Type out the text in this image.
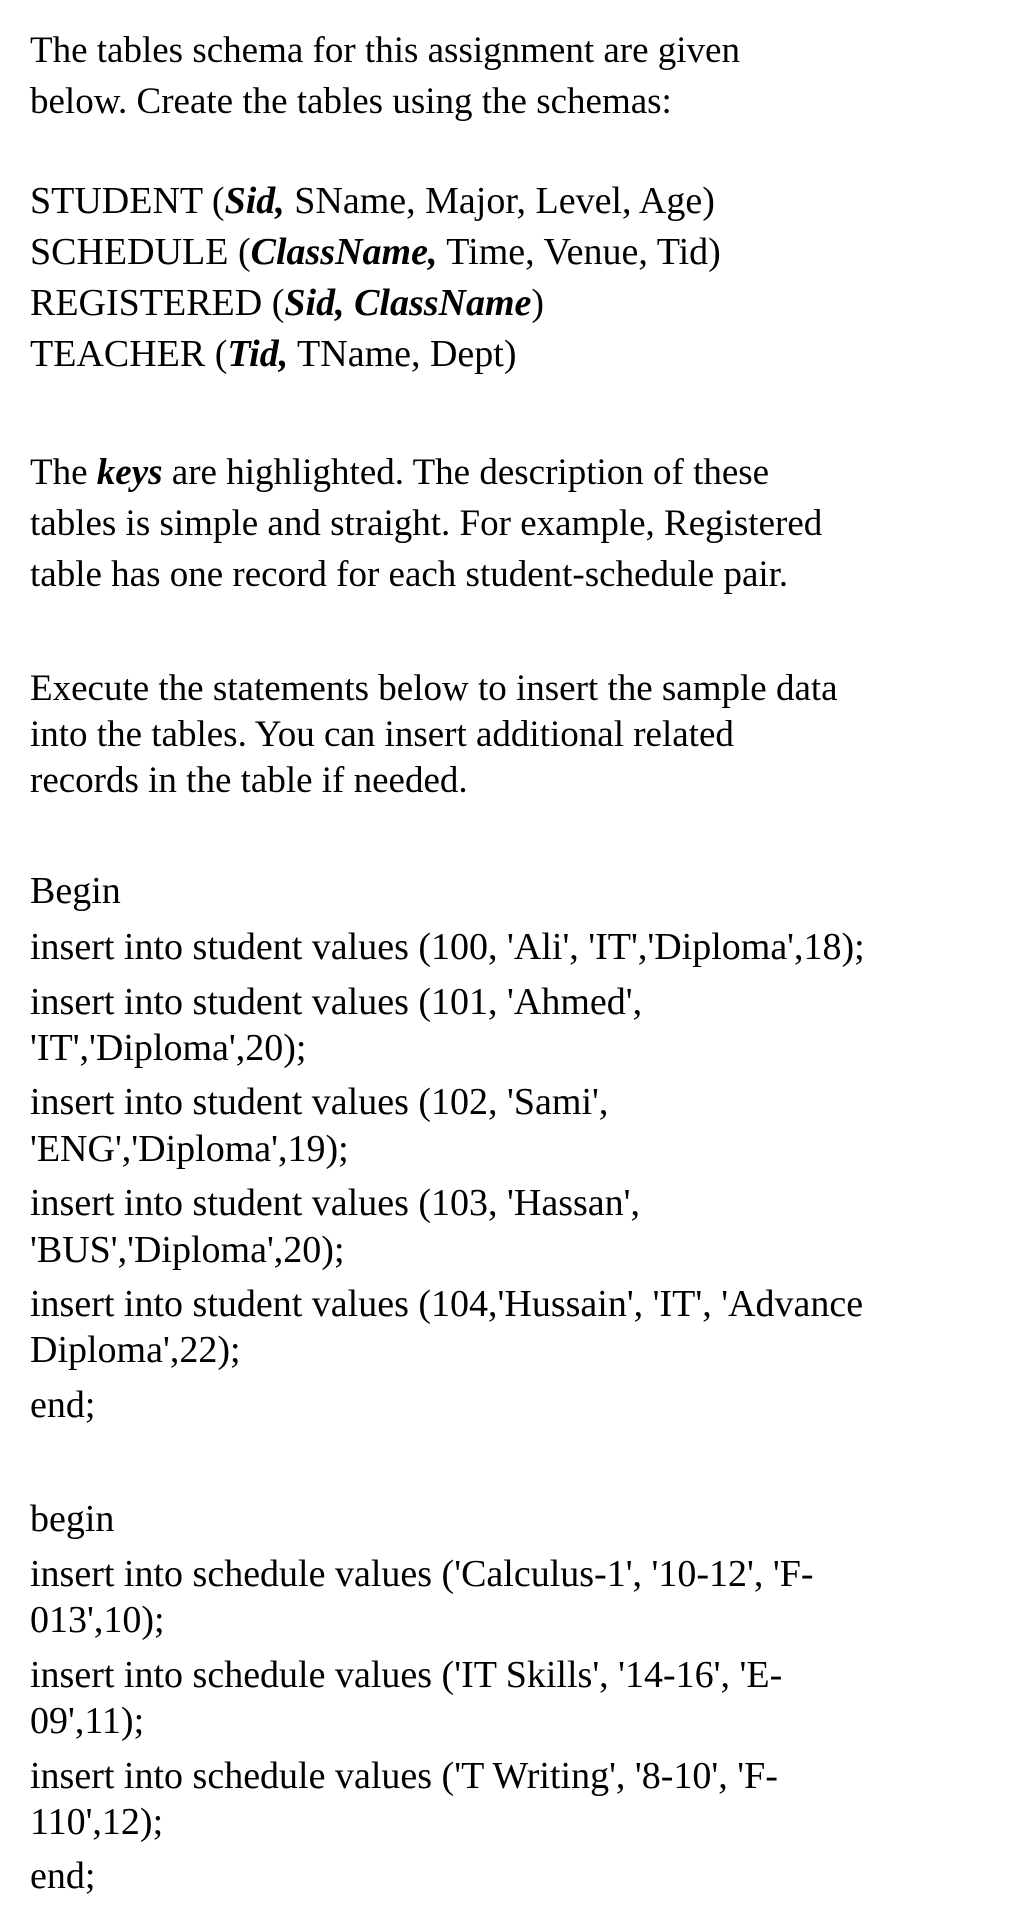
The tables schema for this assignment are given
below. Create the tables using the schemas:
STUDENT (Sid, SName, Major, Level, Age)
SCHEDULE (ClassName, Time, Venue, Tid)
REGISTERED (Sid, ClassName)
TEACHER (Tid, TName, Dept)
The keys are highlighted. The description of these
tables is simple and straight. For example, Registered
table has one record for each student-schedule pair.
Execute the statements below to insert the sample data
into the tables. You can insert additional related
records in the table if needed.
Begin
insert into student values (100, 'Ali', 'IT','Diploma',18);
insert into student values (101, 'Ahmed',
'IT','Diploma',20);
insert into student values (102, 'Sami',
'ENG','Diploma',19);
insert into student values (103, 'Hassan',
'BUS','Diploma',20);
insert into student values (104,'Hussain', 'IT', 'Advance
Diploma',22);
end;
begin
insert into schedule values ('Calculus-1', '10-12', 'F-
013',10);
insert into schedule values ('IT Skills', '14-16', 'E-
09',11);
insert into schedule values ('T Writing', '8-10', 'F-
110',12);
end;
